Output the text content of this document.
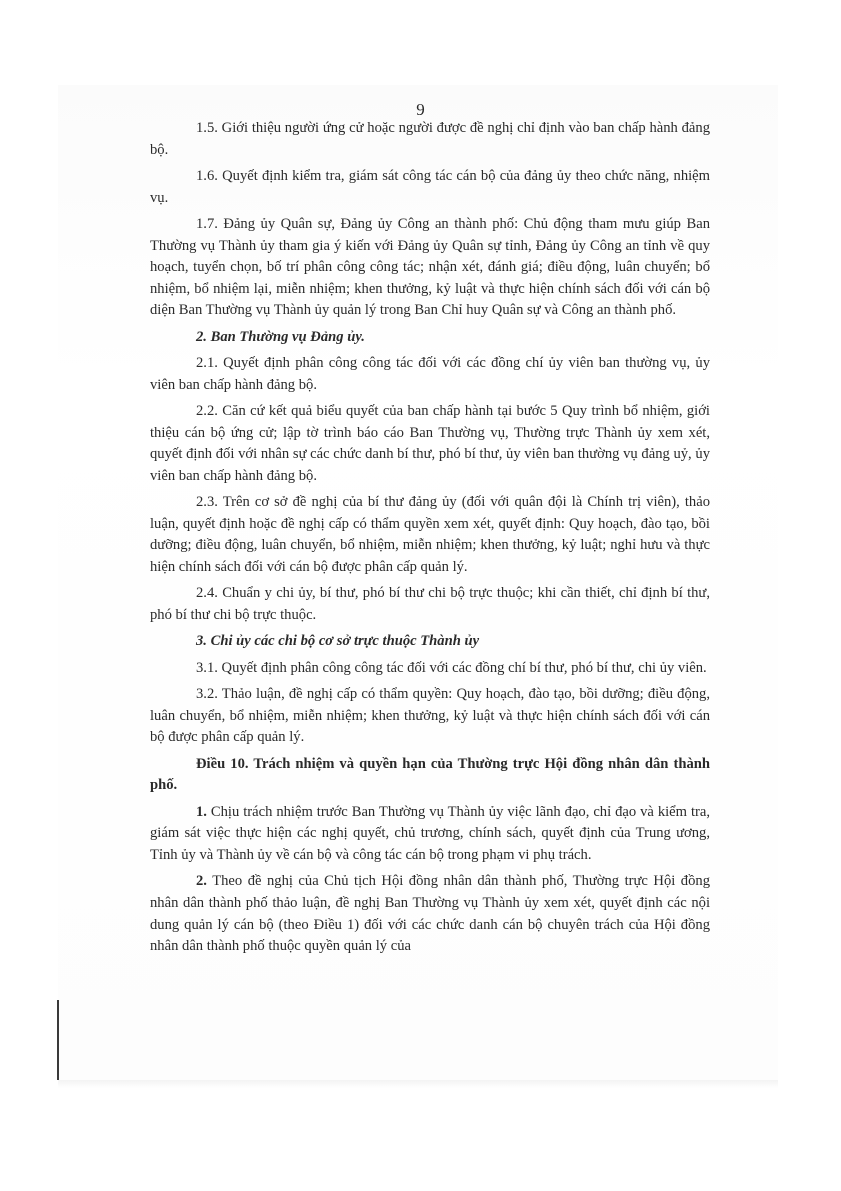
9

1.5. Giới thiệu người ứng cử hoặc người được đề nghị chỉ định vào ban chấp hành đảng bộ.

1.6. Quyết định kiểm tra, giám sát công tác cán bộ của đảng ủy theo chức năng, nhiệm vụ.

1.7. Đảng ủy Quân sự, Đảng ủy Công an thành phố: Chủ động tham mưu giúp Ban Thường vụ Thành ủy tham gia ý kiến với Đảng ủy Quân sự tỉnh, Đảng ủy Công an tỉnh về quy hoạch, tuyển chọn, bố trí phân công công tác; nhận xét, đánh giá; điều động, luân chuyển; bổ nhiệm, bổ nhiệm lại, miễn nhiệm; khen thưởng, kỷ luật và thực hiện chính sách đối với cán bộ diện Ban Thường vụ Thành ủy quản lý trong Ban Chỉ huy Quân sự và Công an thành phố.

2. Ban Thường vụ Đảng ủy.

2.1. Quyết định phân công công tác đối với các đồng chí ủy viên ban thường vụ, ủy viên ban chấp hành đảng bộ.

2.2. Căn cứ kết quả biểu quyết của ban chấp hành tại bước 5 Quy trình bổ nhiệm, giới thiệu cán bộ ứng cử; lập tờ trình báo cáo Ban Thường vụ, Thường trực Thành ủy xem xét, quyết định đối với nhân sự các chức danh bí thư, phó bí thư, ủy viên ban thường vụ đảng uỷ, ủy viên ban chấp hành đảng bộ.

2.3. Trên cơ sở đề nghị của bí thư đảng ủy (đối với quân đội là Chính trị viên), thảo luận, quyết định hoặc đề nghị cấp có thẩm quyền xem xét, quyết định: Quy hoạch, đào tạo, bồi dưỡng; điều động, luân chuyển, bổ nhiệm, miễn nhiệm; khen thưởng, kỷ luật; nghỉ hưu và thực hiện chính sách đối với cán bộ được phân cấp quản lý.

2.4. Chuẩn y chi ủy, bí thư, phó bí thư chi bộ trực thuộc; khi cần thiết, chỉ định bí thư, phó bí thư chi bộ trực thuộc.

3. Chi ủy các chi bộ cơ sở trực thuộc Thành ủy

3.1. Quyết định phân công công tác đối với các đồng chí bí thư, phó bí thư, chi ủy viên.

3.2. Thảo luận, đề nghị cấp có thẩm quyền: Quy hoạch, đào tạo, bồi dưỡng; điều động, luân chuyển, bổ nhiệm, miễn nhiệm; khen thưởng, kỷ luật và thực hiện chính sách đối với cán bộ được phân cấp quản lý.

Điều 10. Trách nhiệm và quyền hạn của Thường trực Hội đồng nhân dân thành phố.

1. Chịu trách nhiệm trước Ban Thường vụ Thành ủy việc lãnh đạo, chỉ đạo và kiểm tra, giám sát việc thực hiện các nghị quyết, chủ trương, chính sách, quyết định của Trung ương, Tỉnh ủy và Thành ủy về cán bộ và công tác cán bộ trong phạm vi phụ trách.

2. Theo đề nghị của Chủ tịch Hội đồng nhân dân thành phố, Thường trực Hội đồng nhân dân thành phố thảo luận, đề nghị Ban Thường vụ Thành ủy xem xét, quyết định các nội dung quản lý cán bộ (theo Điều 1) đối với các chức danh cán bộ chuyên trách của Hội đồng nhân dân thành phố thuộc quyền quản lý của
